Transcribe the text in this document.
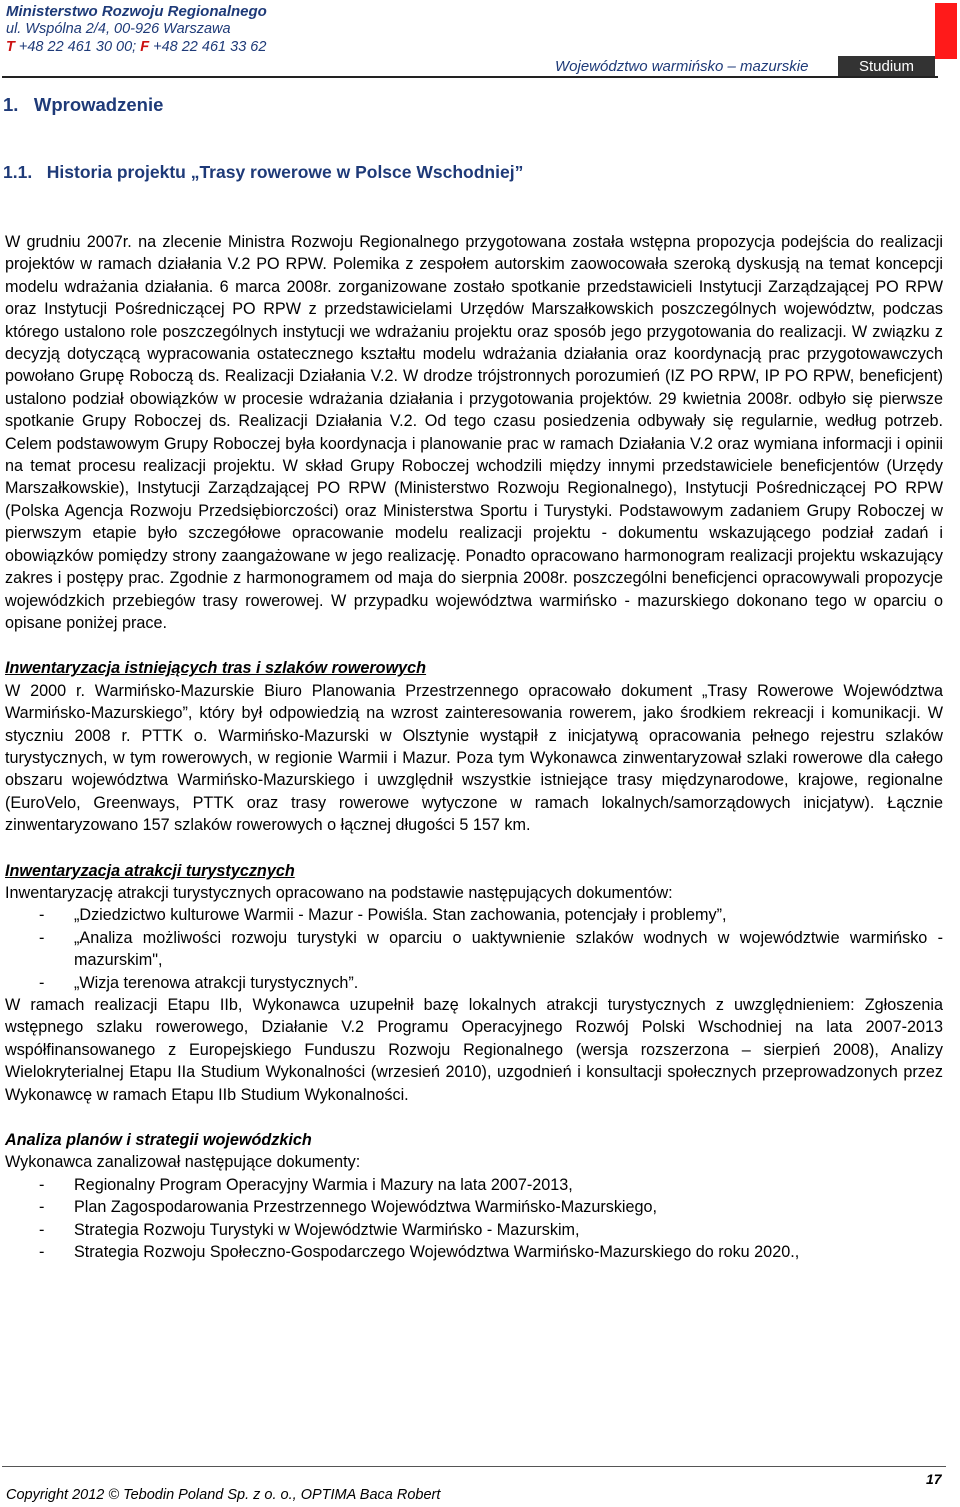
Ministerstwo Rozwoju Regionalnego
ul. Wspólna 2/4, 00-926 Warszawa
T +48 22 461 30 00; F +48 22 461 33 62
Województwo warmińsko – mazurskie	Studium
1. Wprowadzenie
1.1. Historia projektu „Trasy rowerowe w Polsce Wschodniej”

W grudniu 2007r. na zlecenie Ministra Rozwoju Regionalnego przygotowana została wstępna propozycja podejścia do realizacji projektów w ramach działania V.2 PO RPW. Polemika z zespołem autorskim zaowocowała szeroką dyskusją na temat koncepcji modelu wdrażania działania. 6 marca 2008r. zorganizowane zostało spotkanie przedstawicieli Instytucji Zarządzającej PO RPW oraz Instytucji Pośredniczącej PO RPW z przedstawicielami Urzędów Marszałkowskich poszczególnych województw, podczas którego ustalono role poszczególnych instytucji we wdrażaniu projektu oraz sposób jego przygotowania do realizacji. W związku z decyzją dotyczącą wypracowania ostatecznego kształtu modelu wdrażania działania oraz koordynacją prac przygotowawczych powołano Grupę Roboczą ds. Realizacji Działania V.2. W drodze trójstronnych porozumień (IZ PO RPW, IP PO RPW, beneficjent) ustalono podział obowiązków w procesie wdrażania działania i przygotowania projektów. 29 kwietnia 2008r. odbyło się pierwsze spotkanie Grupy Roboczej ds. Realizacji Działania V.2. Od tego czasu posiedzenia odbywały się regularnie, według potrzeb. Celem podstawowym Grupy Roboczej była koordynacja i planowanie prac w ramach Działania V.2 oraz wymiana informacji i opinii na temat procesu realizacji projektu. W skład Grupy Roboczej wchodzili między innymi przedstawiciele beneficjentów (Urzędy Marszałkowskie), Instytucji Zarządzającej PO RPW (Ministerstwo Rozwoju Regionalnego), Instytucji Pośredniczącej PO RPW (Polska Agencja Rozwoju Przedsiębiorczości) oraz Ministerstwa Sportu i Turystyki. Podstawowym zadaniem Grupy Roboczej w pierwszym etapie było szczegółowe opracowanie modelu realizacji projektu - dokumentu wskazującego podział zadań i obowiązków pomiędzy strony zaangażowane w jego realizację. Ponadto opracowano harmonogram realizacji projektu wskazujący zakres i postępy prac. Zgodnie z harmonogramem od maja do sierpnia 2008r. poszczególni beneficjenci opracowywali propozycje wojewódzkich przebiegów trasy rowerowej. W przypadku województwa warmińsko - mazurskiego dokonano tego w oparciu o opisane poniżej prace.

Inwentaryzacja istniejących tras i szlaków rowerowych

W 2000 r. Warmińsko-Mazurskie Biuro Planowania Przestrzennego opracowało dokument „Trasy Rowerowe Województwa Warmińsko-Mazurskiego”, który był odpowiedzią na wzrost zainteresowania rowerem, jako środkiem rekreacji i komunikacji. W styczniu 2008 r. PTTK o. Warmińsko-Mazurski w Olsztynie wystąpił z inicjatywą opracowania pełnego rejestru szlaków turystycznych, w tym rowerowych, w regionie Warmii i Mazur. Poza tym Wykonawca zinwentaryzował szlaki rowerowe dla całego obszaru województwa Warmińsko-Mazurskiego i uwzględnił wszystkie istniejące trasy międzynarodowe, krajowe, regionalne (EuroVelo, Greenways, PTTK oraz trasy rowerowe wytyczone w ramach lokalnych/samorządowych inicjatyw). Łącznie zinwentaryzowano 157 szlaków rowerowych o łącznej długości 5 157 km.

Inwentaryzacja atrakcji turystycznych

Inwentaryzację atrakcji turystycznych opracowano na podstawie następujących dokumentów:

- „Dziedzictwo kulturowe Warmii - Mazur - Powiśla. Stan zachowania, potencjały i problemy”,
- „Analiza możliwości rozwoju turystyki w oparciu o uaktywnienie szlaków wodnych w województwie warmińsko - mazurskim",
- „Wizja terenowa atrakcji turystycznych”.

W ramach realizacji Etapu IIb, Wykonawca uzupełnił bazę lokalnych atrakcji turystycznych z uwzględnieniem: Zgłoszenia wstępnego szlaku rowerowego, Działanie V.2 Programu Operacyjnego Rozwój Polski Wschodniej na lata 2007-2013 współfinansowanego z Europejskiego Funduszu Rozwoju Regionalnego (wersja rozszerzona – sierpień 2008), Analizy Wielokryterialnej Etapu IIa Studium Wykonalności (wrzesień 2010), uzgodnień i konsultacji społecznych przeprowadzonych przez Wykonawcę w ramach Etapu IIb Studium Wykonalności.

Analiza planów i strategii wojewódzkich

Wykonawca zanalizował następujące dokumenty:

- Regionalny Program Operacyjny Warmia i Mazury na lata 2007-2013,
- Plan Zagospodarowania Przestrzennego Województwa Warmińsko-Mazurskiego,
- Strategia Rozwoju Turystyki w Województwie Warmińsko - Mazurskim,
- Strategia Rozwoju Społeczno-Gospodarczego Województwa Warmińsko-Mazurskiego do roku 2020.,
17
Copyright 2012 © Tebodin Poland Sp. z o. o., OPTIMA Baca Robert
